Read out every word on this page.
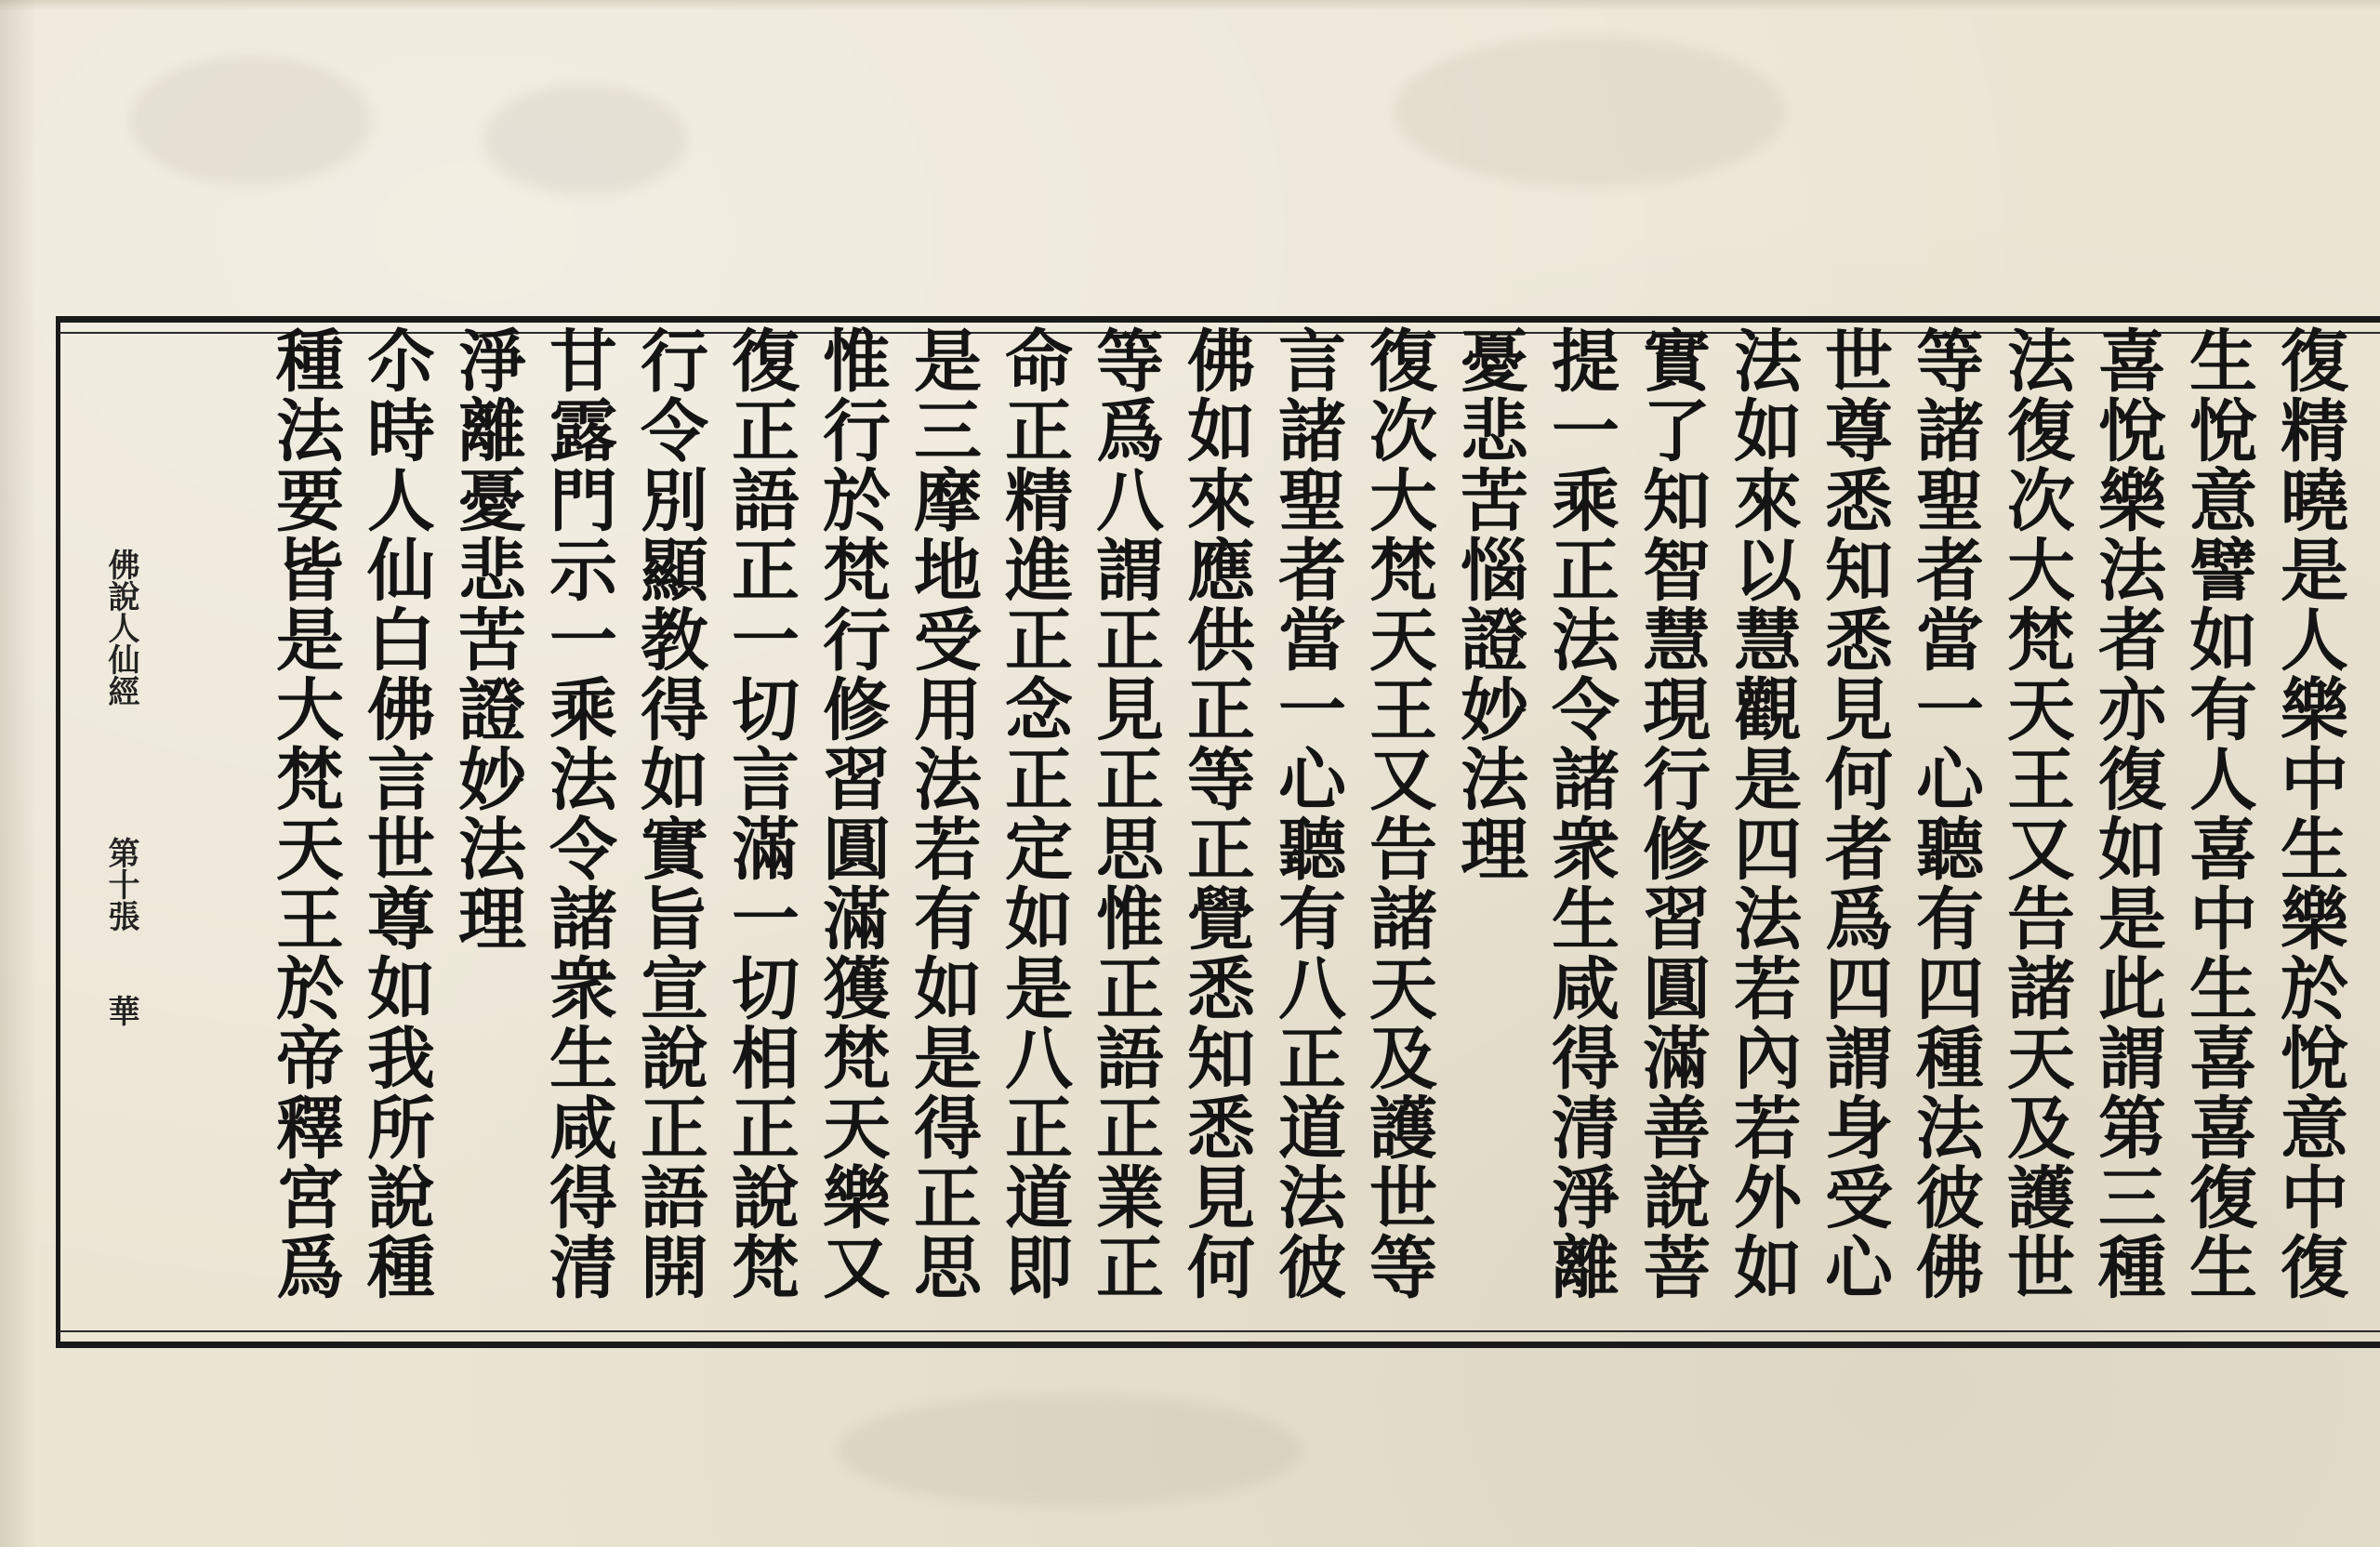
復精曉是人樂中生樂於悅意中復
生悅意譬如有人喜中生喜喜復生
喜悅樂法者亦復如是此謂第三種
法復次大梵天王又告諸天及護世
等諸聖者當一心聽有四種法彼佛
世尊悉知悉見何者爲四謂身受心
法如來以慧觀是四法若內若外如
實了知智慧現行修習圓滿善說菩
提一乘正法令諸衆生咸得清淨離
憂悲苦惱證妙法理
復次大梵天王又告諸天及護世等
言諸聖者當一心聽有八正道法彼
佛如來應供正等正覺悉知悉見何
等爲八謂正見正思惟正語正業正
命正精進正念正定如是八正道即
是三摩地受用法若有如是得正思
惟行於梵行修習圓滿獲梵天樂又
復正語正一切言滿一切相正說梵
行令別顯教得如實旨宣說正語開
甘露門示一乘法令諸衆生咸得清
淨離憂悲苦證妙法理
尒時人仙白佛言世尊如我所說種
種法要皆是大梵天王於帝釋宮爲
佛說人仙經
第十張
華
